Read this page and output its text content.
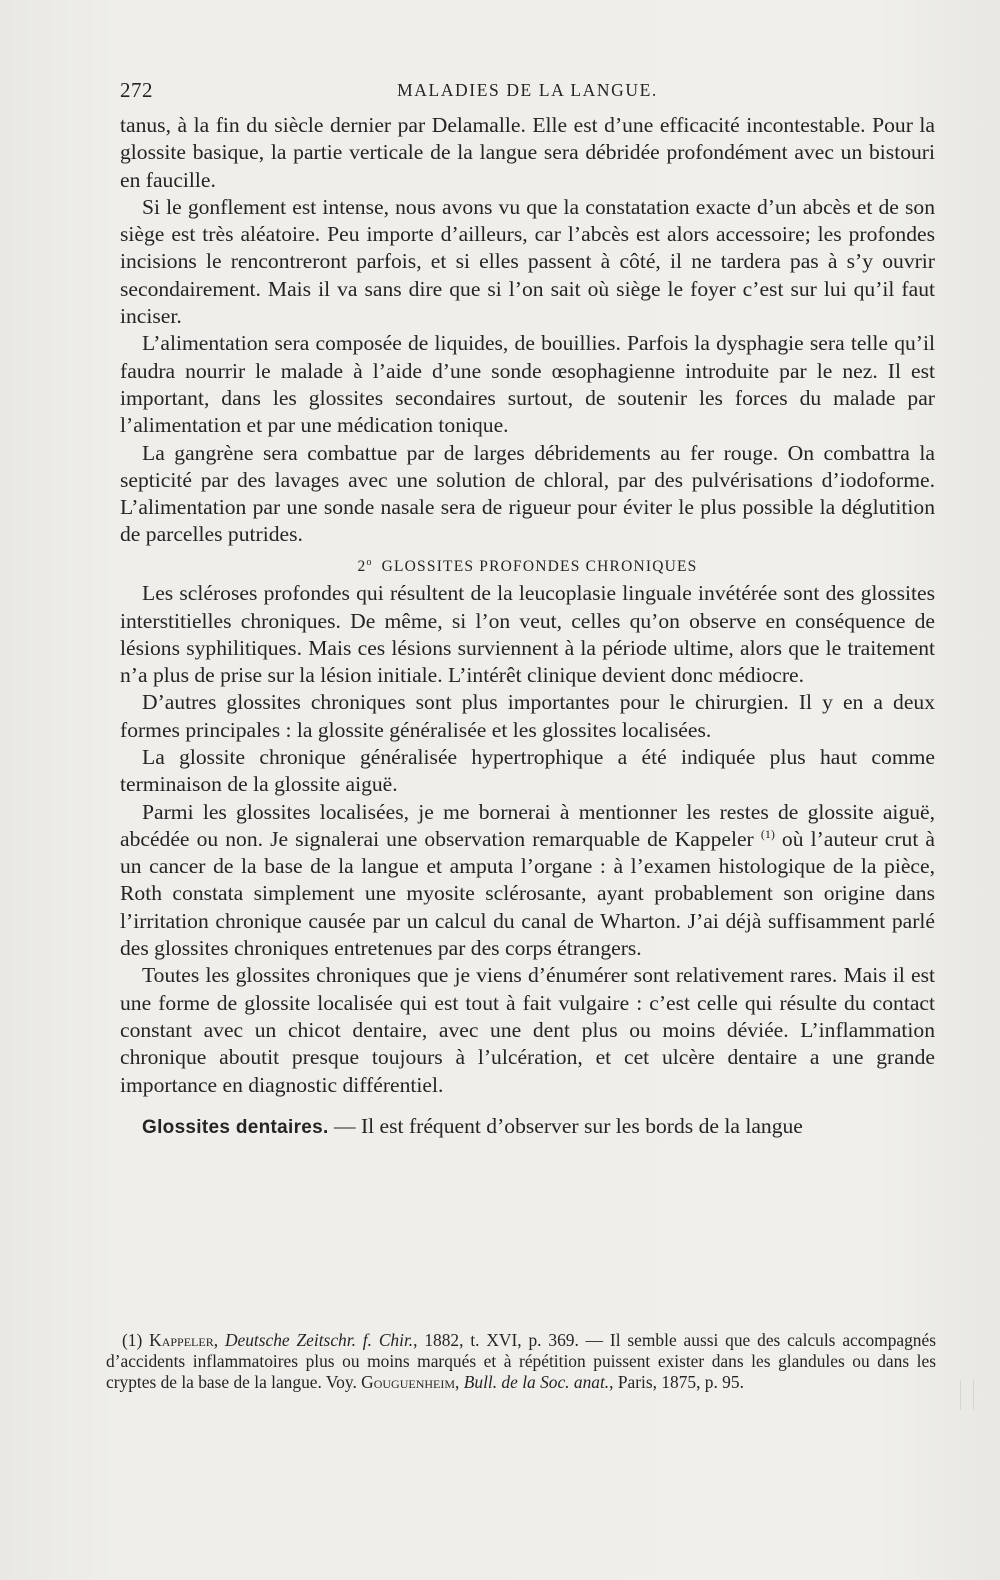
272	MALADIES DE LA LANGUE.

tanus, à la fin du siècle dernier par Delamalle. Elle est d’une efficacité incontestable. Pour la glossite basique, la partie verticale de la langue sera débridée profondément avec un bistouri en faucille.

Si le gonflement est intense, nous avons vu que la constatation exacte d’un abcès et de son siège est très aléatoire. Peu importe d’ailleurs, car l’abcès est alors accessoire; les profondes incisions le rencontreront parfois, et si elles passent à côté, il ne tardera pas à s’y ouvrir secondairement. Mais il va sans dire que si l’on sait où siège le foyer c’est sur lui qu’il faut inciser.

L’alimentation sera composée de liquides, de bouillies. Parfois la dysphagie sera telle qu’il faudra nourrir le malade à l’aide d’une sonde œsophagienne introduite par le nez. Il est important, dans les glossites secondaires surtout, de soutenir les forces du malade par l’alimentation et par une médication tonique.

La gangrène sera combattue par de larges débridements au fer rouge. On combattra la septicité par des lavages avec une solution de chloral, par des pulvérisations d’iodoforme. L’alimentation par une sonde nasale sera de rigueur pour éviter le plus possible la déglutition de parcelles putrides.

2$^o$ GLOSSITES PROFONDES CHRONIQUES

Les scléroses profondes qui résultent de la leucoplasie linguale invétérée sont des glossites interstitielles chroniques. De même, si l’on veut, celles qu’on observe en conséquence de lésions syphilitiques. Mais ces lésions surviennent à la période ultime, alors que le traitement n’a plus de prise sur la lésion initiale. L’intérêt clinique devient donc médiocre.

D’autres glossites chroniques sont plus importantes pour le chirurgien. Il y en a deux formes principales : la glossite généralisée et les glossites localisées.

La glossite chronique généralisée hypertrophique a été indiquée plus haut comme terminaison de la glossite aiguë.

Parmi les glossites localisées, je me bornerai à mentionner les restes de glossite aiguë, abcédée ou non. Je signalerai une observation remarquable de Kappeler $^{(1)}$ où l’auteur crut à un cancer de la base de la langue et amputa l’organe : à l’examen histologique de la pièce, Roth constata simplement une myosite sclérosante, ayant probablement son origine dans l’irritation chronique causée par un calcul du canal de Wharton. J’ai déjà suffisamment parlé des glossites chroniques entretenues par des corps étrangers.

Toutes les glossites chroniques que je viens d’énumérer sont relativement rares. Mais il est une forme de glossite localisée qui est tout à fait vulgaire : c’est celle qui résulte du contact constant avec un chicot dentaire, avec une dent plus ou moins déviée. L’inflammation chronique aboutit presque toujours à l’ulcération, et cet ulcère dentaire a une grande importance en diagnostic différentiel.

Glossites dentaires. — Il est fréquent d’observer sur les bords de la langue

(1) Kappeler, Deutsche Zeitschr. f. Chir., 1882, t. XVI, p. 369. — Il semble aussi que des calculs accompagnés d’accidents inflammatoires plus ou moins marqués et à répétition puissent exister dans les glandules ou dans les cryptes de la base de la langue. Voy. Gouguenheim, Bull. de la Soc. anat., Paris, 1875, p. 95.
